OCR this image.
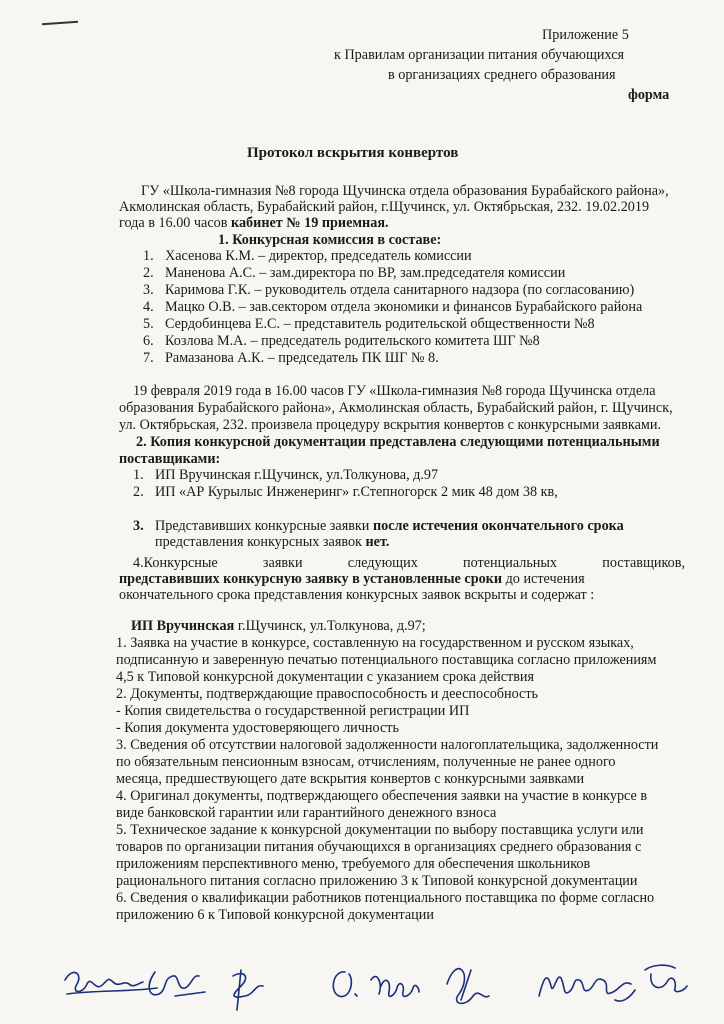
Приложение 5
к Правилам организации питания обучающихся
в организациях среднего образования
форма
Протокол вскрытия конвертов
ГУ «Школа-гимназия №8 города Щучинска отдела образования Бурабайского района»,
Акмолинская область, Бурабайский район, г.Щучинск, ул. Октябрьская, 232. 19.02.2019
года в 16.00 часов кабинет № 19 приемная.
1. Конкурсная комиссия в составе:
1. Хасенова К.М. – директор, председатель комиссии
2. Маненова А.С. – зам.директора по ВР, зам.председателя комиссии
3. Каримова Г.К. – руководитель отдела санитарного надзора (по согласованию)
4. Мацко О.В. – зав.сектором отдела экономики и финансов Бурабайского района
5. Сердобинцева Е.С. – представитель родительской общественности №8
6. Козлова М.А. – председатель родительского комитета ШГ №8
7. Рамазанова А.К. – председатель ПК ШГ № 8.
19 февраля 2019 года в 16.00 часов ГУ «Школа-гимназия №8 города Щучинска отдела
образования Бурабайского района», Акмолинская область, Бурабайский район, г. Щучинск,
ул. Октябрьская, 232. произвела процедуру вскрытия конвертов с конкурсными заявками.
2. Копия конкурсной документации представлена следующими потенциальными
поставщиками:
1. ИП Вручинская г.Щучинск, ул.Толкунова, д.97
2. ИП «АР Курылыс Инженеринг» г.Степногорск 2 мик 48 дом 38 кв,
3. Представивших конкурсные заявки после истечения окончательного срока
представления конкурсных заявок нет.
4.Конкурсные заявки следующих потенциальных поставщиков,
представивших конкурсную заявку в установленные сроки до истечения
окончательного срока представления конкурсных заявок вскрыты и содержат :
ИП Вручинская г.Щучинск, ул.Толкунова, д.97;
1. Заявка на участие в конкурсе, составленную на государственном и русском языках,
подписанную и заверенную печатью потенциального поставщика согласно приложениям
4,5 к Типовой конкурсной документации с указанием срока действия
2. Документы, подтверждающие правоспособность и дееспособность
- Копия свидетельства о государственной регистрации ИП
- Копия документа удостоверяющего личность
3. Сведения об отсутствии налоговой задолженности налогоплательщика, задолженности
по обязательным пенсионным взносам, отчислениям, полученные не ранее одного
месяца, предшествующего дате вскрытия конвертов с конкурсными заявками
4. Оригинал документы, подтверждающего обеспечения заявки на участие в конкурсе в
виде банковской гарантии или гарантийного денежного взноса
5. Техническое задание к конкурсной документации по выбору поставщика услуги или
товаров по организации питания обучающихся в организациях среднего образования с
приложениям перспективного меню, требуемого для обеспечения школьников
рационального питания согласно приложению 3 к Типовой конкурсной документации
6. Сведения о квалификации работников потенциального поставщика по форме согласно
приложению 6 к Типовой конкурсной документации
